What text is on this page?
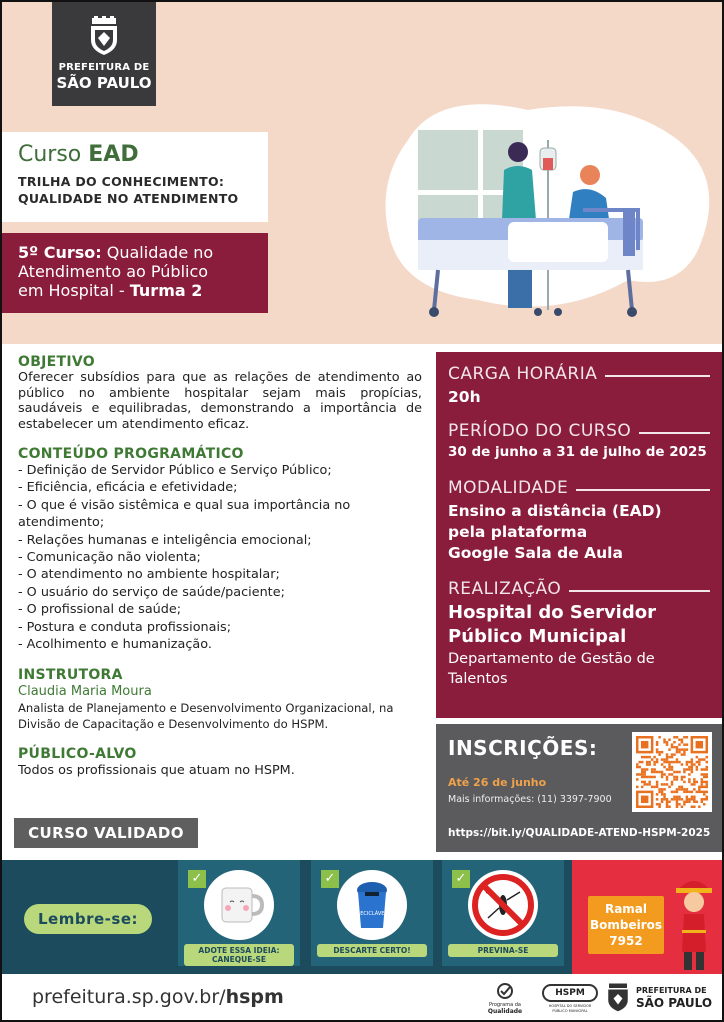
PREFEITURA DE
SÃO PAULO
Curso EAD
TRILHA DO CONHECIMENTO:
QUALIDADE NO ATENDIMENTO
5º Curso: Qualidade no
Atendimento ao Público
em Hospital - Turma 2
OBJETIVO
Oferecer subsídios para que as relações de atendimento ao público no ambiente hospitalar sejam mais propícias, saudáveis e equilibradas, demonstrando a importância de estabelecer um atendimento eficaz.
CONTEÚDO PROGRAMÁTICO
- Definição de Servidor Público e Serviço Público;
- Eficiência, eficácia e efetividade;
- O que é visão sistêmica e qual sua importância no
atendimento;
- Relações humanas e inteligência emocional;
- Comunicação não violenta;
- O atendimento no ambiente hospitalar;
- O usuário do serviço de saúde/paciente;
- O profissional de saúde;
- Postura e conduta profissionais;
- Acolhimento e humanização.
INSTRUTORA
Claudia Maria Moura
Analista de Planejamento e Desenvolvimento Organizacional, na
Divisão de Capacitação e Desenvolvimento do HSPM.
PÚBLICO-ALVO
Todos os profissionais que atuam no HSPM.
CURSO VALIDADO
CARGA HORÁRIA
20h
PERÍODO DO CURSO
30 de junho a 31 de julho de 2025
MODALIDADE
Ensino a distância (EAD)
pela plataforma
Google Sala de Aula
REALIZAÇÃO
Hospital do Servidor
Público Municipal
Departamento de Gestão de
Talentos
INSCRIÇÕES:
Até 26 de junho
Mais informações: (11) 3397-7900
https://bit.ly/QUALIDADE-ATEND-HSPM-2025
Lembre-se:
✓
ADOTE ESSA IDEIA:
CANEQUE-SE
✓
RECICLÁVEL
DESCARTE CERTO!
✓
PREVINA-SE
Ramal
Bombeiros
7952
prefeitura.sp.gov.br/hspm	Programa da
Qualidade
HSPM
HOSPITAL DO SERVIDOR PÚBLICO MUNICIPAL
PREFEITURA DE
SÃO PAULO
